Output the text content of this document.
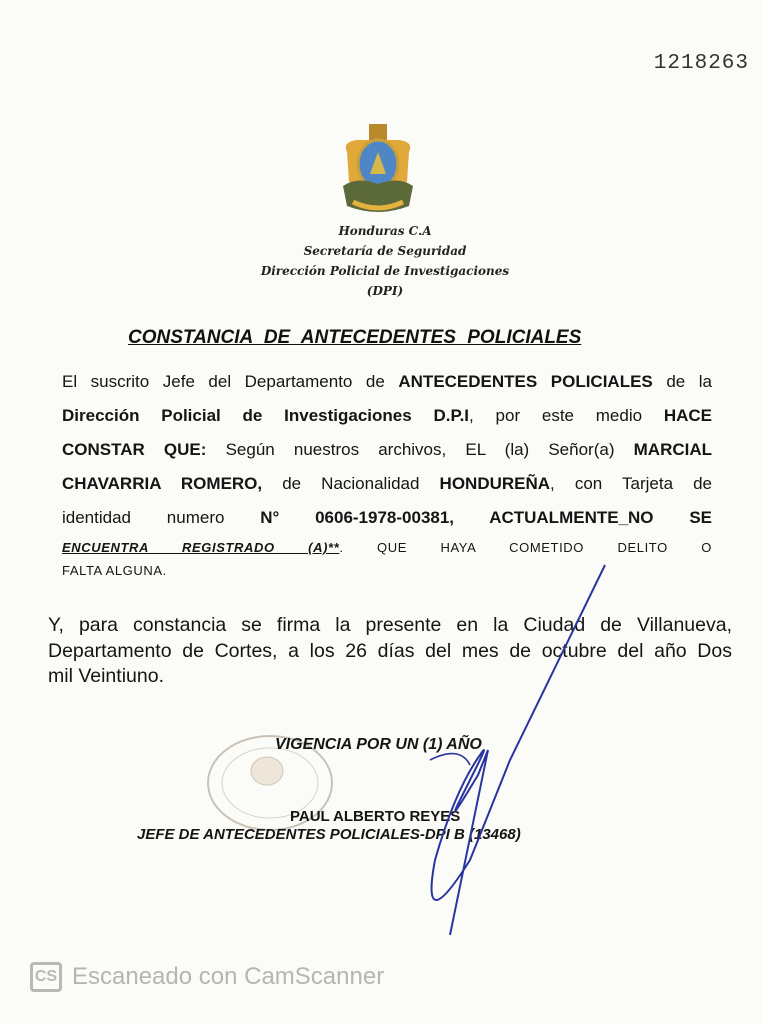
1218263
Honduras C.A
Secretaría de Seguridad
Dirección Policial de Investigaciones
(DPI)
CONSTANCIA DE ANTECEDENTES POLICIALES
El suscrito Jefe del Departamento de ANTECEDENTES POLICIALES de la
Dirección Policial de Investigaciones D.P.I, por este medio HACE
CONSTAR QUE: Según nuestros archivos, EL (la) Señor(a) MARCIAL
CHAVARRIA ROMERO, de Nacionalidad HONDUREÑA, con Tarjeta de
identidad numero N° 0606-1978-00381, ACTUALMENTE_NO SE
ENCUENTRA REGISTRADO (A)**. QUE HAYA COMETIDO DELITO O
FALTA ALGUNA.
Y, para constancia se firma la presente en la Ciudad de Villanueva,
Departamento de Cortes, a los 26 días del mes de octubre del año Dos
mil Veintiuno.
VIGENCIA POR UN (1) AÑO
PAUL ALBERTO REYES
JEFE DE ANTECEDENTES POLICIALES-DPI B (13468)
CS Escaneado con CamScanner
